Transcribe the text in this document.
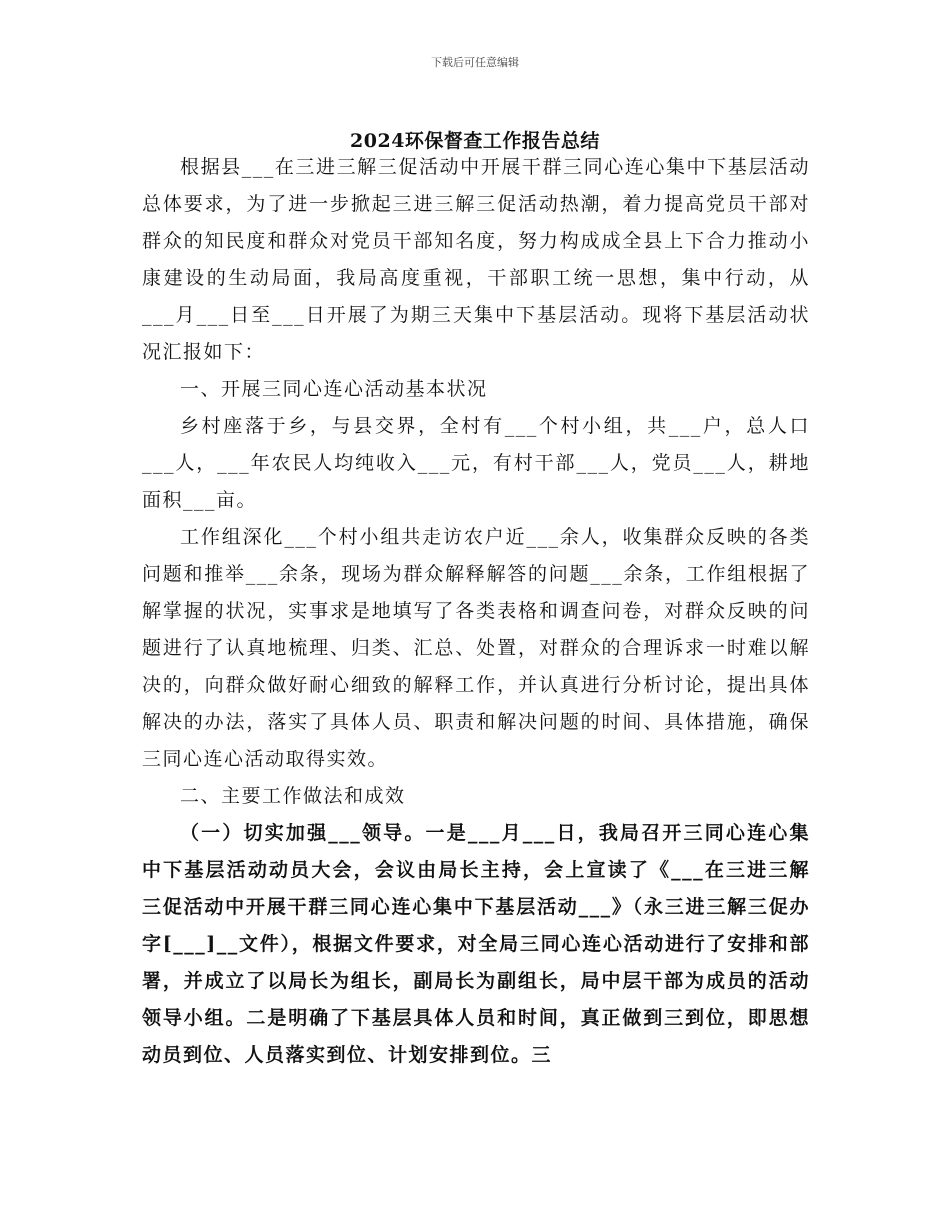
下载后可任意编辑
2024环保督查工作报告总结

根据县___在三进三解三促活动中开展干群三同心连心集中下基层活动总体要求，为了进一步掀起三进三解三促活动热潮，着力提高党员干部对群众的知民度和群众对党员干部知名度，努力构成成全县上下合力推动小康建设的生动局面，我局高度重视，干部职工统一思想，集中行动，从___月___日至___日开展了为期三天集中下基层活动。现将下基层活动状况汇报如下：

一、开展三同心连心活动基本状况

乡村座落于乡，与县交界，全村有___个村小组，共___户，总人口___人，___年农民人均纯收入___元，有村干部___人，党员___人，耕地面积___亩。

工作组深化___个村小组共走访农户近___余人，收集群众反映的各类问题和推举___余条，现场为群众解释解答的问题___余条，工作组根据了解掌握的状况，实事求是地填写了各类表格和调查问卷，对群众反映的问题进行了认真地梳理、归类、汇总、处置，对群众的合理诉求一时难以解决的，向群众做好耐心细致的解释工作，并认真进行分析讨论，提出具体解决的办法，落实了具体人员、职责和解决问题的时间、具体措施，确保三同心连心活动取得实效。

二、主要工作做法和成效

（一）切实加强___领导。一是___月___日，我局召开三同心连心集中下基层活动动员大会，会议由局长主持，会上宣读了《___在三进三解三促活动中开展干群三同心连心集中下基层活动___》（永三进三解三促办字[___]__文件），根据文件要求，对全局三同心连心活动进行了安排和部署，并成立了以局长为组长，副局长为副组长，局中层干部为成员的活动领导小组。二是明确了下基层具体人员和时间，真正做到三到位，即思想动员到位、人员落实到位、计划安排到位。三
